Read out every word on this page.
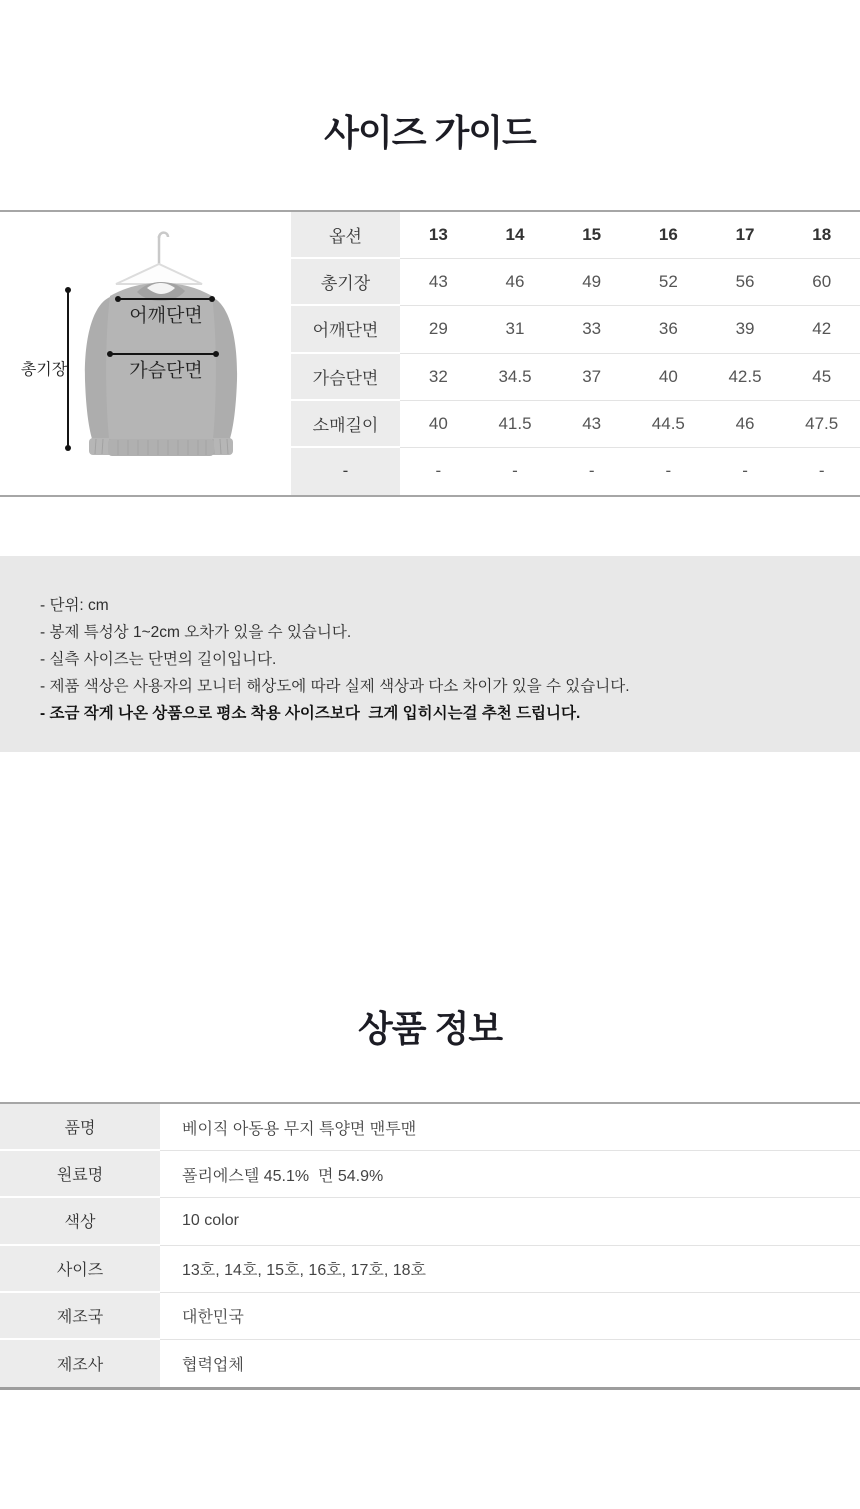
사이즈 가이드
총기장
어깨단면
가슴단면
옵션	13	14	15	16	17	18
총기장	43	46	49	52	56	60
어깨단면	29	31	33	36	39	42
가슴단면	32	34.5	37	40	42.5	45
소매길이	40	41.5	43	44.5	46	47.5
-	-	-	-	-	-	-

- 단위: cm

- 봉제 특성상 1~2cm 오차가 있을 수 있습니다.

- 실측 사이즈는 단면의 길이입니다.

- 제품 색상은 사용자의 모니터 해상도에 따라 실제 색상과 다소 차이가 있을 수 있습니다.

- 조금 작게 나온 상품으로 평소 착용 사이즈보다  크게 입히시는걸 추천 드립니다.

상품 정보
품명	베이직 아동용 무지 특양면 맨투맨
원료명	폴리에스텔 45.1%  면 54.9%
색상	10 color
사이즈	13호, 14호, 15호, 16호, 17호, 18호
제조국	대한민국
제조사	협력업체
